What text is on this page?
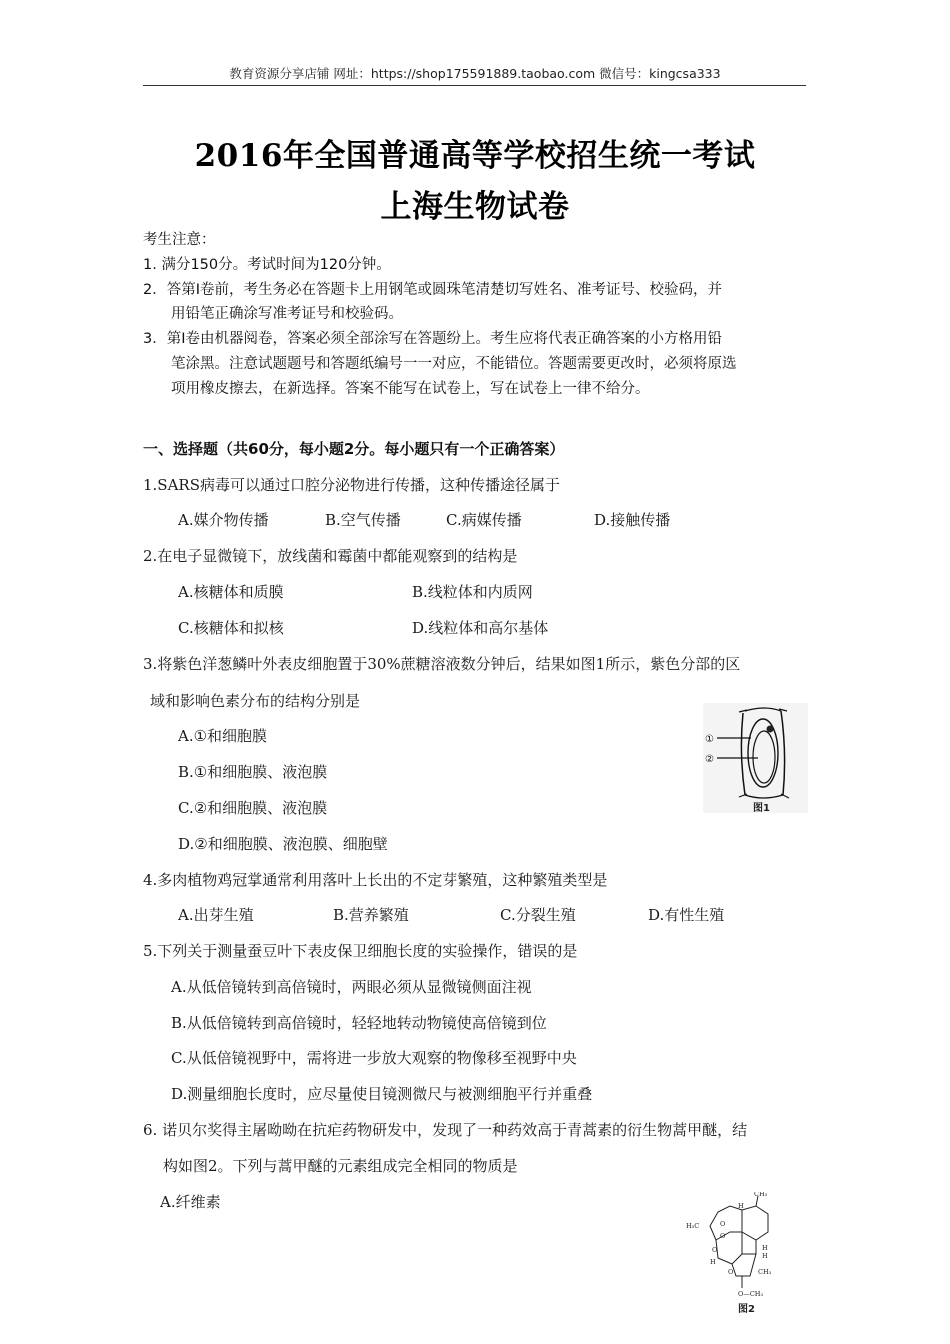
教育资源分享店铺 网址：https://shop175591889.taobao.com 微信号：kingcsa333
2016年全国普通高等学校招生统一考试
上海生物试卷
考生注意：
1. 满分150分。考试时间为120分钟。
2．答第Ⅰ卷前，考生务必在答题卡上用钢笔或圆珠笔清楚切写姓名、准考证号、校验码，并
用铅笔正确涂写准考证号和校验码。
3．第Ⅰ卷由机器阅卷，答案必须全部涂写在答题纷上。考生应将代表正确答案的小方格用铅
笔涂黑。注意试题题号和答题纸编号一一对应，不能错位。答题需要更改时，必须将原选
项用橡皮擦去，在新选择。答案不能写在试卷上，写在试卷上一律不给分。
一、选择题（共60分，每小题2分。每小题只有一个正确答案）
1.SARS病毒可以通过口腔分泌物进行传播，这种传播途径属于
A.媒介物传播	B.空气传播	C.病媒传播	D.接触传播
2.在电子显微镜下，放线菌和霉菌中都能观察到的结构是
A.核糖体和质膜	B.线粒体和内质网
C.核糖体和拟核	D.线粒体和高尔基体
3.将紫色洋葱鳞叶外表皮细胞置于30%蔗糖溶液数分钟后，结果如图1所示，紫色分部的区
域和影响色素分布的结构分别是
A.①和细胞膜
B.①和细胞膜、液泡膜
C.②和细胞膜、液泡膜
D.②和细胞膜、液泡膜、细胞壁
①
②
图1
4.多肉植物鸡冠掌通常利用落叶上长出的不定芽繁殖，这种繁殖类型是
A.出芽生殖	B.营养繁殖	C.分裂生殖	D.有性生殖
5.下列关于测量蚕豆叶下表皮保卫细胞长度的实验操作，错误的是
A.从低倍镜转到高倍镜时，两眼必须从显微镜侧面注视
B.从低倍镜转到高倍镜时，轻轻地转动物镜使高倍镜到位
C.从低倍镜视野中，需将进一步放大观察的物像移至视野中央
D.测量细胞长度时，应尽量使目镜测微尺与被测细胞平行并重叠
6. 诺贝尔奖得主屠呦呦在抗疟药物研发中，发现了一种药效高于青蒿素的衍生物蒿甲醚，结
构如图2。下列与蒿甲醚的元素组成完全相同的物质是
A.纤维素	CH₃
H₃C
H
O
O
O
H
H
H
O	CH₃
O—CH₃
图2
